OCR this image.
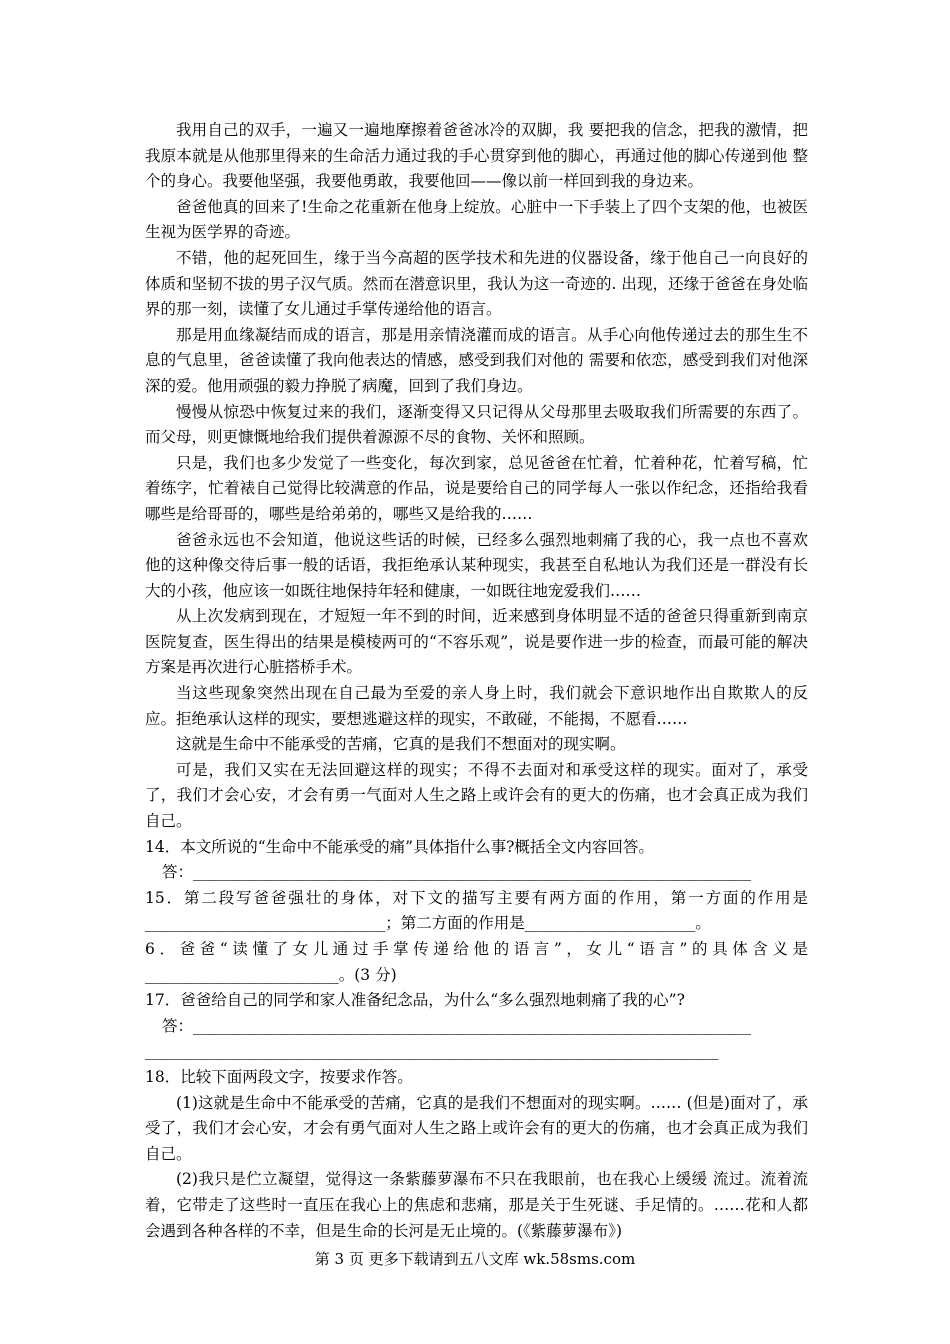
我用自己的双手，一遍又一遍地摩擦着爸爸冰冷的双脚，我 要把我的信念，把我的激情，把我原本就是从他那里得来的生命活力通过我的手心贯穿到他的脚心，再通过他的脚心传递到他 整个的身心。我要他坚强，我要他勇敢，我要他回——像以前一样回到我的身边来。

爸爸他真的回来了!生命之花重新在他身上绽放。心脏中一下手装上了四个支架的他，也被医生视为医学界的奇迹。

不错，他的起死回生，缘于当今高超的医学技术和先进的仪器设备，缘于他自己一向良好的体质和坚韧不拔的男子汉气质。然而在潜意识里，我认为这一奇迹的. 出现，还缘于爸爸在身处临界的那一刻，读懂了女儿通过手掌传递给他的语言。

那是用血缘凝结而成的语言，那是用亲情浇灌而成的语言。从手心向他传递过去的那生生不息的气息里，爸爸读懂了我向他表达的情感，感受到我们对他的 需要和依恋，感受到我们对他深深的爱。他用顽强的毅力挣脱了病魔，回到了我们身边。

慢慢从惊恐中恢复过来的我们，逐渐变得又只记得从父母那里去吸取我们所需要的东西了。而父母，则更慷慨地给我们提供着源源不尽的食物、关怀和照顾。

只是，我们也多少发觉了一些变化，每次到家，总见爸爸在忙着，忙着种花，忙着写稿，忙着练字，忙着裱自己觉得比较满意的作品，说是要给自己的同学每人一张以作纪念，还指给我看哪些是给哥哥的，哪些是给弟弟的，哪些又是给我的……

爸爸永远也不会知道，他说这些话的时候，已经多么强烈地刺痛了我的心，我一点也不喜欢他的这种像交待后事一般的话语，我拒绝承认某种现实，我甚至自私地认为我们还是一群没有长大的小孩，他应该一如既往地保持年轻和健康，一如既往地宠爱我们……

从上次发病到现在，才短短一年不到的时间，近来感到身体明显不适的爸爸只得重新到南京医院复查，医生得出的结果是模棱两可的“不容乐观”，说是要作进一步的检查，而最可能的解决方案是再次进行心脏搭桥手术。

当这些现象突然出现在自己最为至爱的亲人身上时，我们就会下意识地作出自欺欺人的反应。拒绝承认这样的现实，要想逃避这样的现实，不敢碰，不能揭，不愿看……

这就是生命中不能承受的苦痛，它真的是我们不想面对的现实啊。

可是，我们又实在无法回避这样的现实；不得不去面对和承受这样的现实。面对了，承受了，我们才会心安，才会有勇一气面对人生之路上或许会有的更大的伤痛，也才会真正成为我们自己。

14．本文所说的“生命中不能承受的痛”具体指什么事?概括全文内容回答。

答：________________________________________________________________________

15．第二段写爸爸强壮的身体，对下文的描写主要有两方面的作用，第一方面的作用是_______________________________；第二方面的作用是______________________。

6．爸爸“读懂了女儿通过手掌传递给他的语言”，女儿“语言”的具体含义是_________________________。(3 分)

17．爸爸给自己的同学和家人准备纪念品，为什么“多么强烈地刺痛了我的心”?

答：________________________________________________________________________

__________________________________________________________________________

18．比较下面两段文字，按要求作答。

(1)这就是生命中不能承受的苦痛，它真的是我们不想面对的现实啊。…… (但是)面对了，承受了，我们才会心安，才会有勇气面对人生之路上或许会有的更大的伤痛，也才会真正成为我们自己。

(2)我只是伫立凝望，觉得这一条紫藤萝瀑布不只在我眼前，也在我心上缓缓 流过。流着流着，它带走了这些时一直压在我心上的焦虑和悲痛，那是关于生死谜、手足情的。……花和人都会遇到各种各样的不幸，但是生命的长河是无止境的。(《紫藤萝瀑布》)

第 3 页 更多下载请到五八文库 wk.58sms.com
